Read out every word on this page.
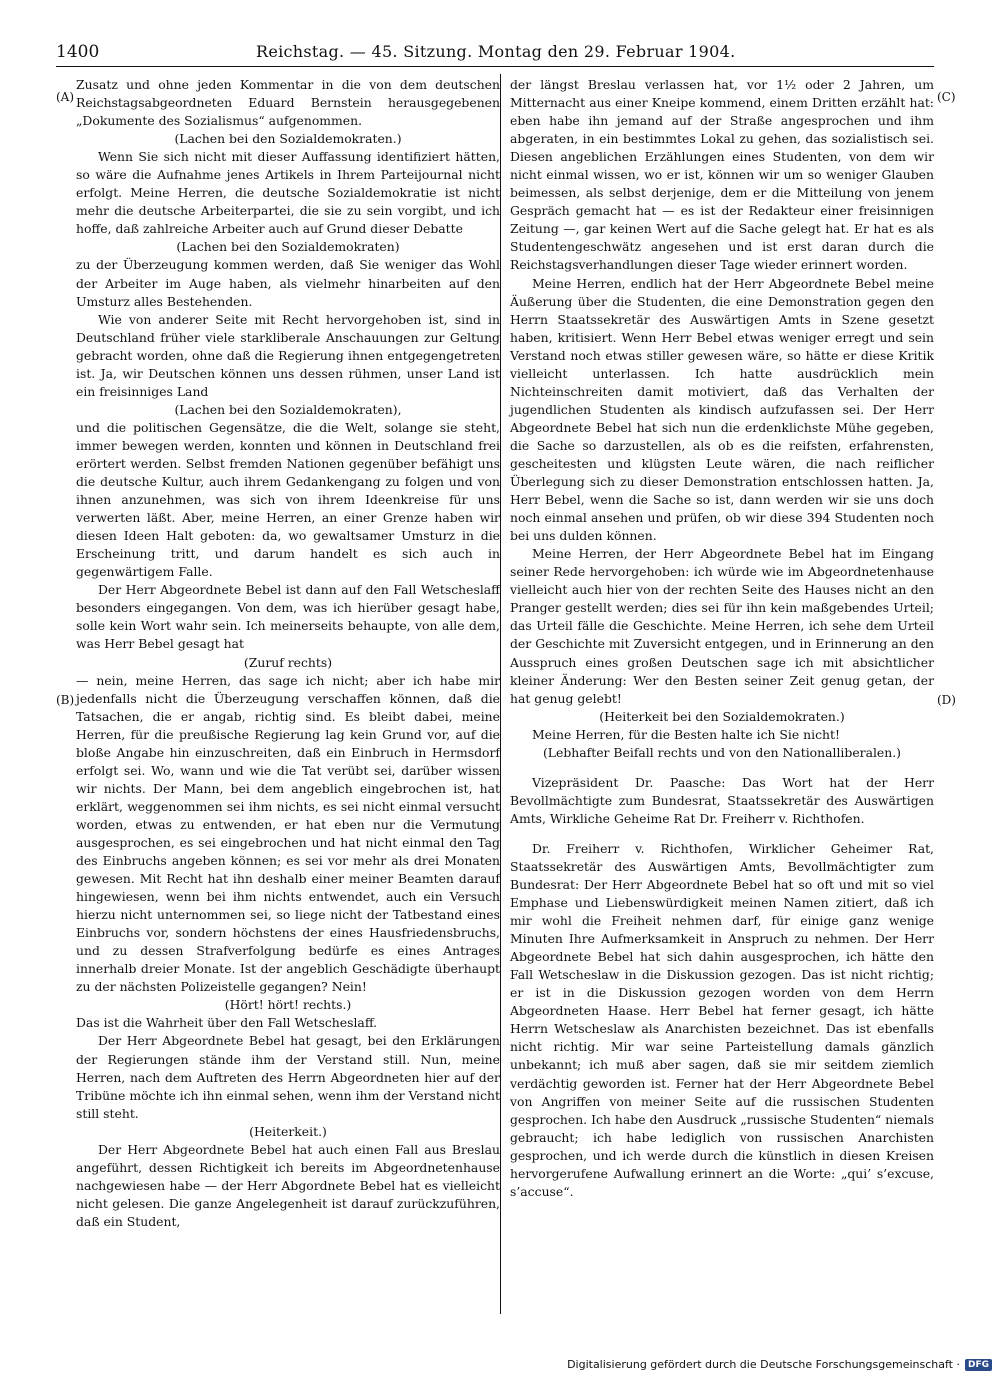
1400	Reichstag. — 45. Sitzung. Montag den 29. Februar 1904.
(A)
(B)
(C)
(D)

Zusatz und ohne jeden Kommentar in die von dem deutschen Reichstagsabgeordneten Eduard Bernstein herausgegebenen „Dokumente des Sozialismus“ aufgenommen.

(Lachen bei den Sozialdemokraten.)

Wenn Sie sich nicht mit dieser Auffassung identifiziert hätten, so wäre die Aufnahme jenes Artikels in Ihrem Parteijournal nicht erfolgt. Meine Herren, die deutsche Sozialdemokratie ist nicht mehr die deutsche Arbeiterpartei, die sie zu sein vorgibt, und ich hoffe, daß zahlreiche Arbeiter auch auf Grund dieser Debatte

(Lachen bei den Sozialdemokraten)

zu der Überzeugung kommen werden, daß Sie weniger das Wohl der Arbeiter im Auge haben, als vielmehr hinarbeiten auf den Umsturz alles Bestehenden.

Wie von anderer Seite mit Recht hervorgehoben ist, sind in Deutschland früher viele starkliberale Anschauungen zur Geltung gebracht worden, ohne daß die Regierung ihnen entgegengetreten ist. Ja, wir Deutschen können uns dessen rühmen, unser Land ist ein freisinniges Land

(Lachen bei den Sozialdemokraten),

und die politischen Gegensätze, die die Welt, solange sie steht, immer bewegen werden, konnten und können in Deutschland frei erörtert werden. Selbst fremden Nationen gegenüber befähigt uns die deutsche Kultur, auch ihrem Gedankengang zu folgen und von ihnen anzunehmen, was sich von ihrem Ideenkreise für uns verwerten läßt. Aber, meine Herren, an einer Grenze haben wir diesen Ideen Halt geboten: da, wo gewaltsamer Umsturz in die Erscheinung tritt, und darum handelt es sich auch in gegenwärtigem Falle.

Der Herr Abgeordnete Bebel ist dann auf den Fall Wetscheslaff besonders eingegangen. Von dem, was ich hierüber gesagt habe, solle kein Wort wahr sein. Ich meinerseits behaupte, von alle dem, was Herr Bebel gesagt hat

(Zuruf rechts)

— nein, meine Herren, das sage ich nicht; aber ich habe mir jedenfalls nicht die Überzeugung verschaffen können, daß die Tatsachen, die er angab, richtig sind. Es bleibt dabei, meine Herren, für die preußische Regierung lag kein Grund vor, auf die bloße Angabe hin einzuschreiten, daß ein Einbruch in Hermsdorf erfolgt sei. Wo, wann und wie die Tat verübt sei, darüber wissen wir nichts. Der Mann, bei dem angeblich eingebrochen ist, hat erklärt, weggenommen sei ihm nichts, es sei nicht einmal versucht worden, etwas zu entwenden, er hat eben nur die Vermutung ausgesprochen, es sei eingebrochen und hat nicht einmal den Tag des Einbruchs angeben können; es sei vor mehr als drei Monaten gewesen. Mit Recht hat ihn deshalb einer meiner Beamten darauf hingewiesen, wenn bei ihm nichts entwendet, auch ein Versuch hierzu nicht unternommen sei, so liege nicht der Tatbestand eines Einbruchs vor, sondern höchstens der eines Hausfriedensbruchs, und zu dessen Strafverfolgung bedürfe es eines Antrages innerhalb dreier Monate. Ist der angeblich Geschädigte überhaupt zu der nächsten Polizeistelle gegangen? Nein!

(Hört! hört! rechts.)

Das ist die Wahrheit über den Fall Wetscheslaff.

Der Herr Abgeordnete Bebel hat gesagt, bei den Erklärungen der Regierungen stände ihm der Verstand still. Nun, meine Herren, nach dem Auftreten des Herrn Abgeordneten hier auf der Tribüne möchte ich ihn einmal sehen, wenn ihm der Verstand nicht still steht.

(Heiterkeit.)

Der Herr Abgeordnete Bebel hat auch einen Fall aus Breslau angeführt, dessen Richtigkeit ich bereits im Abgeordnetenhause nachgewiesen habe — der Herr Abgordnete Bebel hat es vielleicht nicht gelesen. Die ganze Angelegenheit ist darauf zurückzuführen, daß ein Student,

der längst Breslau verlassen hat, vor 1½ oder 2 Jahren, um Mitternacht aus einer Kneipe kommend, einem Dritten erzählt hat: eben habe ihn jemand auf der Straße angesprochen und ihm abgeraten, in ein bestimmtes Lokal zu gehen, das sozialistisch sei. Diesen angeblichen Erzählungen eines Studenten, von dem wir nicht einmal wissen, wo er ist, können wir um so weniger Glauben beimessen, als selbst derjenige, dem er die Mitteilung von jenem Gespräch gemacht hat — es ist der Redakteur einer freisinnigen Zeitung —, gar keinen Wert auf die Sache gelegt hat. Er hat es als Studentengeschwätz angesehen und ist erst daran durch die Reichstagsverhandlungen dieser Tage wieder erinnert worden.

Meine Herren, endlich hat der Herr Abgeordnete Bebel meine Äußerung über die Studenten, die eine Demonstration gegen den Herrn Staatssekretär des Auswärtigen Amts in Szene gesetzt haben, kritisiert. Wenn Herr Bebel etwas weniger erregt und sein Verstand noch etwas stiller gewesen wäre, so hätte er diese Kritik vielleicht unterlassen. Ich hatte ausdrücklich mein Nichteinschreiten damit motiviert, daß das Verhalten der jugendlichen Studenten als kindisch aufzufassen sei. Der Herr Abgeordnete Bebel hat sich nun die erdenklichste Mühe gegeben, die Sache so darzustellen, als ob es die reifsten, erfahrensten, gescheitesten und klügsten Leute wären, die nach reiflicher Überlegung sich zu dieser Demonstration entschlossen hatten. Ja, Herr Bebel, wenn die Sache so ist, dann werden wir sie uns doch noch einmal ansehen und prüfen, ob wir diese 394 Studenten noch bei uns dulden können.

Meine Herren, der Herr Abgeordnete Bebel hat im Eingang seiner Rede hervorgehoben: ich würde wie im Abgeordnetenhause vielleicht auch hier von der rechten Seite des Hauses nicht an den Pranger gestellt werden; dies sei für ihn kein maßgebendes Urteil; das Urteil fälle die Geschichte. Meine Herren, ich sehe dem Urteil der Geschichte mit Zuversicht entgegen, und in Erinnerung an den Ausspruch eines großen Deutschen sage ich mit absichtlicher kleiner Änderung: Wer den Besten seiner Zeit genug getan, der hat genug gelebt!

(Heiterkeit bei den Sozialdemokraten.)

Meine Herren, für die Besten halte ich Sie nicht!

(Lebhafter Beifall rechts und von den Nationalliberalen.)

Vizepräsident Dr. Paasche: Das Wort hat der Herr Bevollmächtigte zum Bundesrat, Staatssekretär des Auswärtigen Amts, Wirkliche Geheime Rat Dr. Freiherr v. Richthofen.

Dr. Freiherr v. Richthofen, Wirklicher Geheimer Rat, Staatssekretär des Auswärtigen Amts, Bevollmächtigter zum Bundesrat: Der Herr Abgeordnete Bebel hat so oft und mit so viel Emphase und Liebenswürdigkeit meinen Namen zitiert, daß ich mir wohl die Freiheit nehmen darf, für einige ganz wenige Minuten Ihre Aufmerksamkeit in Anspruch zu nehmen. Der Herr Abgeordnete Bebel hat sich dahin ausgesprochen, ich hätte den Fall Wetscheslaw in die Diskussion gezogen. Das ist nicht richtig; er ist in die Diskussion gezogen worden von dem Herrn Abgeordneten Haase. Herr Bebel hat ferner gesagt, ich hätte Herrn Wetscheslaw als Anarchisten bezeichnet. Das ist ebenfalls nicht richtig. Mir war seine Parteistellung damals gänzlich unbekannt; ich muß aber sagen, daß sie mir seitdem ziemlich verdächtig geworden ist. Ferner hat der Herr Abgeordnete Bebel von Angriffen von meiner Seite auf die russischen Studenten gesprochen. Ich habe den Ausdruck „russische Studenten“ niemals gebraucht; ich habe lediglich von russischen Anarchisten gesprochen, und ich werde durch die künstlich in diesen Kreisen hervorgerufene Aufwallung erinnert an die Worte: „qui’ s’excuse, s’accuse“.

Digitalisierung gefördert durch die Deutsche Forschungsgemeinschaft · DFG
